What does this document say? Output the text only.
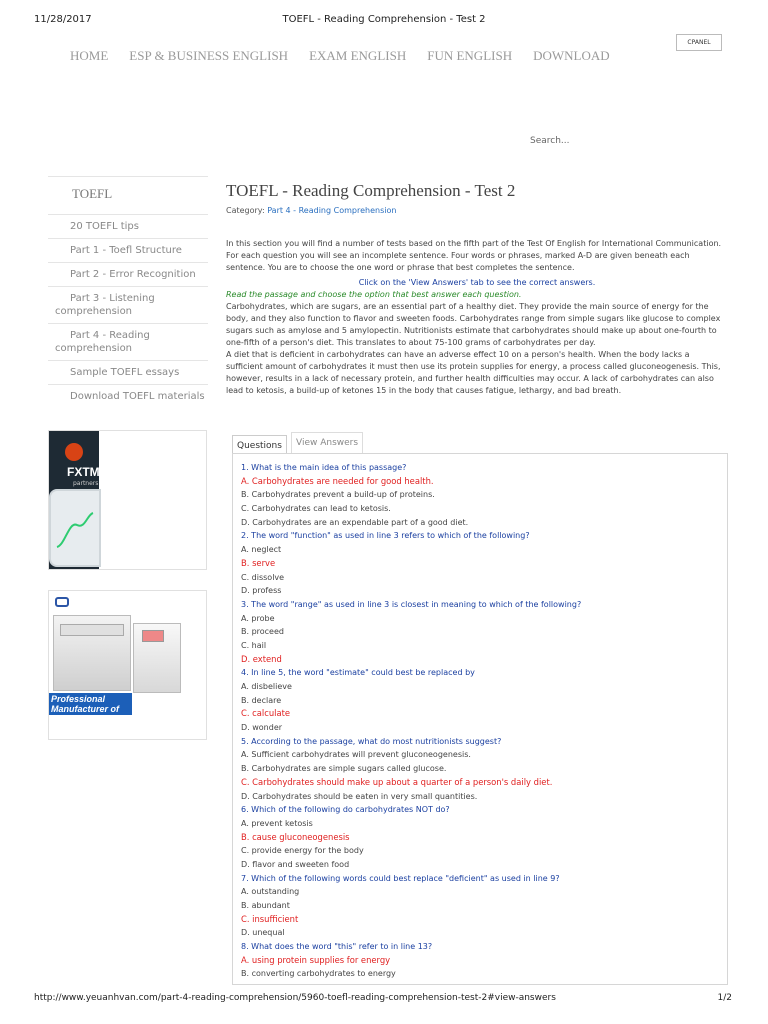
11/28/2017	TOEFL - Reading Comprehension - Test 2
CPANEL
HOME ESP & BUSINESS ENGLISH EXAM ENGLISH FUN ENGLISH DOWNLOAD
Search...
TOEFL
20 TOEFL tips
Part 1 - Toefl Structure
Part 2 - Error Recognition
Part 3 - Listening
comprehension
Part 4 - Reading
comprehension
Sample TOEFL essays
Download TOEFL materials
FXTM
partners
Professional Manufacturer of
TOEFL - Reading Comprehension - Test 2
Category: Part 4 - Reading Comprehension
In this section you will find a number of tests based on the fifth part of the Test Of English for International Communication.
For each question you will see an incomplete sentence. Four words or phrases, marked A-D are given beneath each sentence. You are to choose the one word or phrase that best completes the sentence.
Click on the 'View Answers' tab to see the correct answers.
Read the passage and choose the option that best answer each question.
Carbohydrates, which are sugars, are an essential part of a healthy diet. They provide the main source of energy for the body, and they also function to flavor and sweeten foods. Carbohydrates range from simple sugars like glucose to complex sugars such as amylose and 5 amylopectin. Nutritionists estimate that carbohydrates should make up about one-fourth to one-fifth of a person's diet. This translates to about 75-100 grams of carbohydrates per day.
A diet that is deficient in carbohydrates can have an adverse effect 10 on a person's health. When the body lacks a sufficient amount of carbohydrates it must then use its protein supplies for energy, a process called gluconeogenesis. This, however, results in a lack of necessary protein, and further health difficulties may occur. A lack of carbohydrates can also lead to ketosis, a build-up of ketones 15 in the body that causes fatigue, lethargy, and bad breath.
Questions	View Answers
1. What is the main idea of this passage?
A. Carbohydrates are needed for good health.
B. Carbohydrates prevent a build-up of proteins.
C. Carbohydrates can lead to ketosis.
D. Carbohydrates are an expendable part of a good diet.
2. The word "function" as used in line 3 refers to which of the following?
A. neglect
B. serve
C. dissolve
D. profess
3. The word "range" as used in line 3 is closest in meaning to which of the following?
A. probe
B. proceed
C. hail
D. extend
4. In line 5, the word "estimate" could best be replaced by
A. disbelieve
B. declare
C. calculate
D. wonder
5. According to the passage, what do most nutritionists suggest?
A. Sufficient carbohydrates will prevent gluconeogenesis.
B. Carbohydrates are simple sugars called glucose.
C. Carbohydrates should make up about a quarter of a person's daily diet.
D. Carbohydrates should be eaten in very small quantities.
6. Which of the following do carbohydrates NOT do?
A. prevent ketosis
B. cause gluconeogenesis
C. provide energy for the body
D. flavor and sweeten food
7. Which of the following words could best replace "deficient" as used in line 9?
A. outstanding
B. abundant
C. insufficient
D. unequal
8. What does the word "this" refer to in line 13?
A. using protein supplies for energy
B. converting carbohydrates to energy
http://www.yeuanhvan.com/part-4-reading-comprehension/5960-toefl-reading-comprehension-test-2#view-answers	1/2
